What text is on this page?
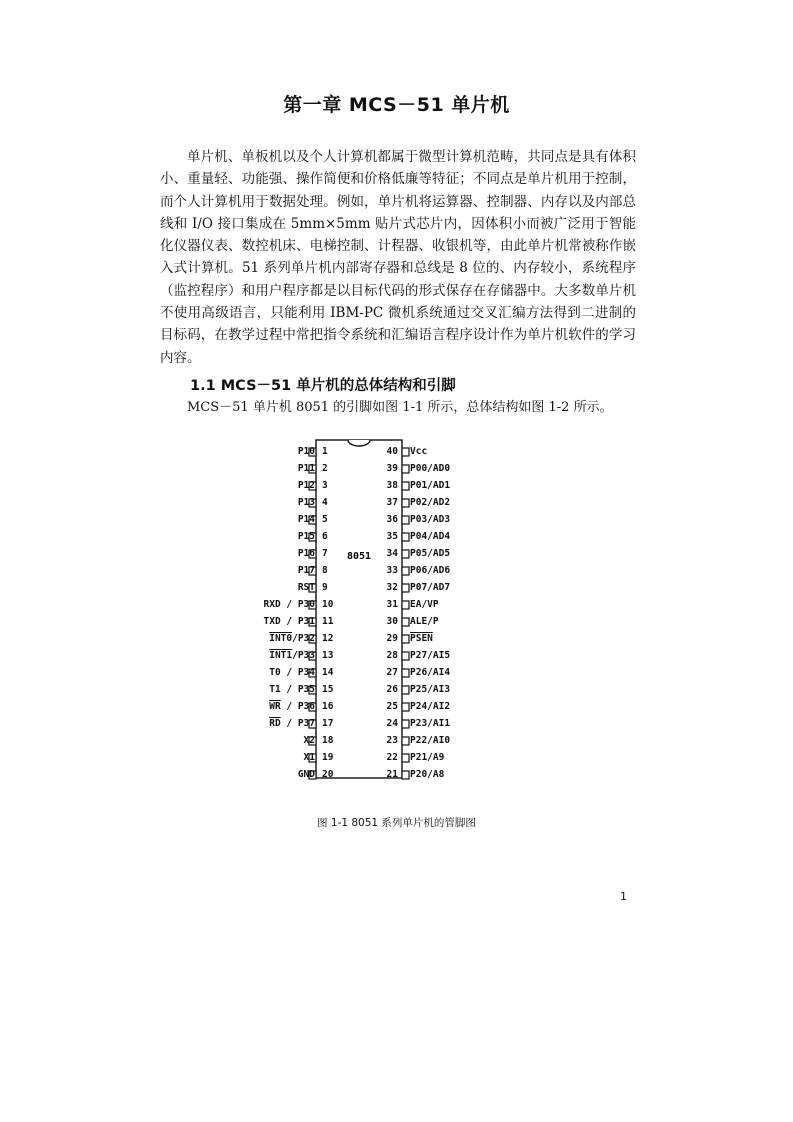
第一章 MCS－51 单片机

单片机、单板机以及个人计算机都属于微型计算机范畴，共同点是具有体积小、重量轻、功能强、操作简便和价格低廉等特征；不同点是单片机用于控制，而个人计算机用于数据处理。例如，单片机将运算器、控制器、内存以及内部总线和 I/O 接口集成在 5mm×5mm 贴片式芯片内，因体积小而被广泛用于智能化仪器仪表、数控机床、电梯控制、计程器、收银机等，由此单片机常被称作嵌入式计算机。51 系列单片机内部寄存器和总线是 8 位的、内存较小，系统程序（监控程序）和用户程序都是以目标代码的形式保存在存储器中。大多数单片机不使用高级语言，只能利用 IBM-PC 微机系统通过交叉汇编方法得到二进制的目标码，在教学过程中常把指令系统和汇编语言程序设计作为单片机软件的学习内容。

1.1 MCS－51 单片机的总体结构和引脚

MCS－51 单片机 8051 的引脚如图 1-1 所示，总体结构如图 1-2 所示。

8051
P10 1
P11 2
P12 3
P13 4
P14 5
P15 6
P16 7
P17 8
RST 9
RXD / P30 10
TXD / P31 11
INT0/P32 12
INT1/P33 13
T0 / P34 14
T1 / P35 15
$\overline{WR} / P36$ 16
$\overline{RD} / P37$ 17
X2 18
X1 19
GND 20
Vcc
40
P00/AD0
39
P01/AD1
38
P02/AD2
37
P03/AD3
36
P04/AD4
35
P05/AD5
34
P06/AD6
33
P07/AD7
32
EA/VP
31
ALE/P
30
PSEN
29
P27/AI5
28
P26/AI4
27
P25/AI3
26
P24/AI2
25
P23/AI1
24
P22/AI0
23
P21/A9
22
P20/A8
21

图 1-1 8051 系列单片机的管脚图

1
